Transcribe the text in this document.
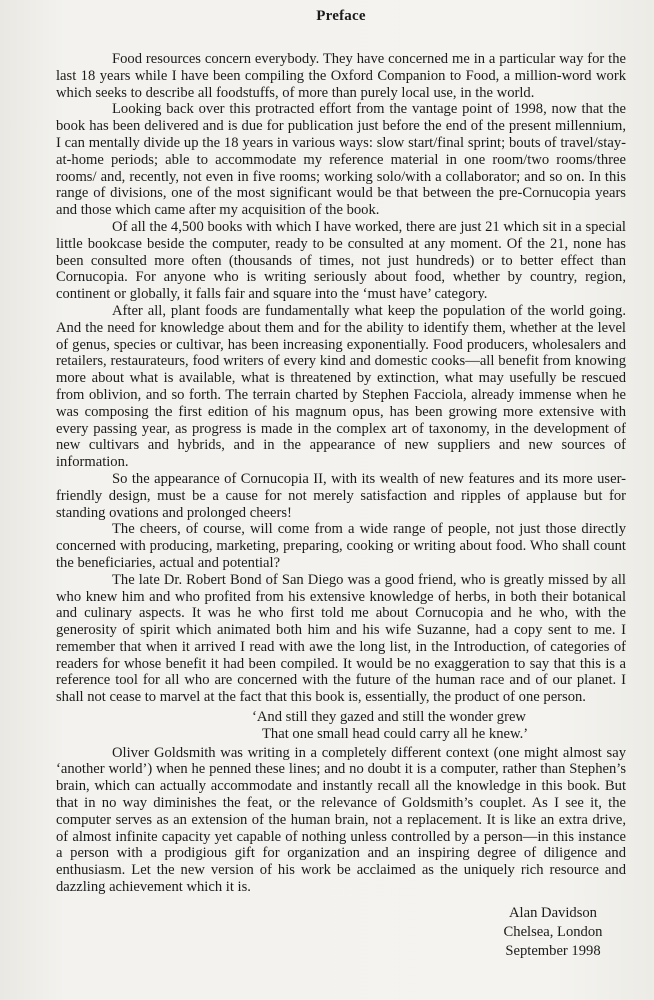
Preface

Food resources concern everybody. They have concerned me in a particular way for the last 18 years while I have been compiling the Oxford Companion to Food, a million-word work which seeks to describe all foodstuffs, of more than purely local use, in the world.

Looking back over this protracted effort from the vantage point of 1998, now that the book has been delivered and is due for publication just before the end of the present millennium, I can mentally divide up the 18 years in various ways: slow start/final sprint; bouts of travel/stay-at-home periods; able to accommodate my reference material in one room/two rooms/three rooms/ and, recently, not even in five rooms; working solo/with a collaborator; and so on. In this range of divisions, one of the most significant would be that between the pre-Cornucopia years and those which came after my acquisition of the book.

Of all the 4,500 books with which I have worked, there are just 21 which sit in a special little bookcase beside the computer, ready to be consulted at any moment. Of the 21, none has been consulted more often (thousands of times, not just hundreds) or to better effect than Cornucopia. For anyone who is writing seriously about food, whether by country, region, continent or globally, it falls fair and square into the ‘must have’ category.

After all, plant foods are fundamentally what keep the population of the world going. And the need for knowledge about them and for the ability to identify them, whether at the level of genus, species or cultivar, has been increasing exponentially. Food producers, wholesalers and retailers, restaurateurs, food writers of every kind and domestic cooks—all benefit from knowing more about what is available, what is threatened by extinction, what may usefully be rescued from oblivion, and so forth. The terrain charted by Stephen Facciola, already immense when he was composing the first edition of his magnum opus, has been growing more extensive with every passing year, as progress is made in the complex art of taxonomy, in the development of new cultivars and hybrids, and in the appearance of new suppliers and new sources of information.

So the appearance of Cornucopia II, with its wealth of new features and its more user-friendly design, must be a cause for not merely satisfaction and ripples of applause but for standing ovations and prolonged cheers!

The cheers, of course, will come from a wide range of people, not just those directly concerned with producing, marketing, preparing, cooking or writing about food. Who shall count the beneficiaries, actual and potential?

The late Dr. Robert Bond of San Diego was a good friend, who is greatly missed by all who knew him and who profited from his extensive knowledge of herbs, in both their botanical and culinary aspects. It was he who first told me about Cornucopia and he who, with the generosity of spirit which animated both him and his wife Suzanne, had a copy sent to me. I remember that when it arrived I read with awe the long list, in the Introduction, of categories of readers for whose benefit it had been compiled. It would be no exaggeration to say that this is a reference tool for all who are concerned with the future of the human race and of our planet. I shall not cease to marvel at the fact that this book is, essentially, the product of one person.

‘And still they gazed and still the wonder grew
That one small head could carry all he knew.’

Oliver Goldsmith was writing in a completely different context (one might almost say ‘another world’) when he penned these lines; and no doubt it is a computer, rather than Stephen’s brain, which can actually accommodate and instantly recall all the knowledge in this book. But that in no way diminishes the feat, or the relevance of Goldsmith’s couplet. As I see it, the computer serves as an extension of the human brain, not a replacement. It is like an extra drive, of almost infinite capacity yet capable of nothing unless controlled by a person—in this instance a person with a prodigious gift for organization and an inspiring degree of diligence and enthusiasm. Let the new version of his work be acclaimed as the uniquely rich resource and dazzling achievement which it is.

Alan Davidson
Chelsea, London
September 1998
